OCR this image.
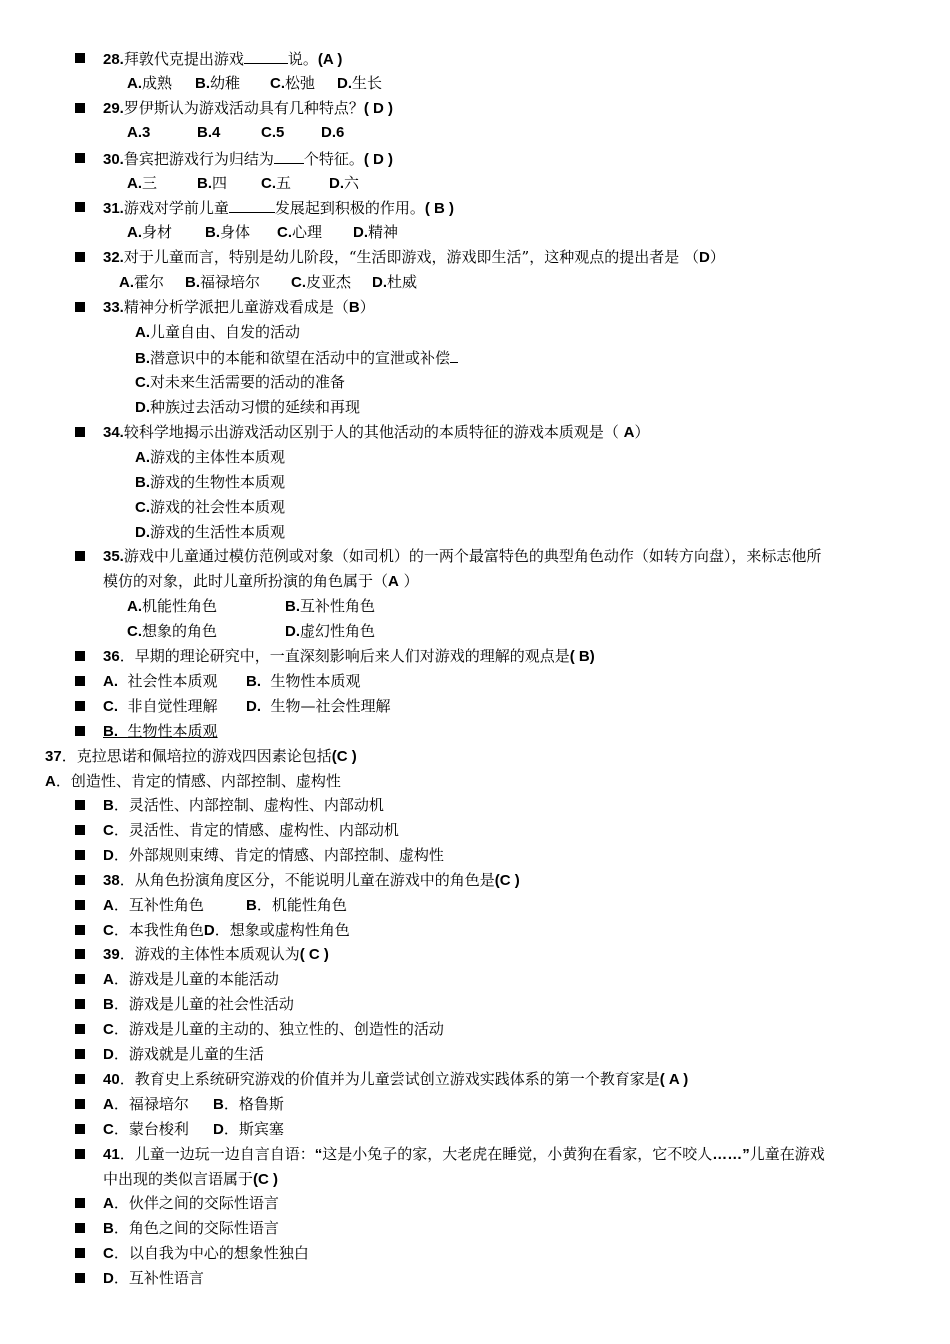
28.拜敦代克提出游戏	说。(A )
A.成熟 B.幼稚 C.松弛 D.生长
29.罗伊斯认为游戏活动具有几种特点？( D )
A.3	B.4	C.5 D.6
30.鲁宾把游戏行为归结为 个特征。( D )
A.三	B.四 C.五	D.六
31.游戏对学前儿童	发展起到积极的作用。( B )
A.身材 B.身体 C.心理 D.精神
32.对于儿童而言，特别是幼儿阶段，“生活即游戏，游戏即生活”，这种观点的提出者是 （D）
A.霍尔 B.福禄培尔 C.皮亚杰 D.杜威
33.精神分析学派把儿童游戏看成是（B）
A.儿童自由、自发的活动
B.潜意识中的本能和欲望在活动中的宣泄或补偿
C.对未来生活需要的活动的准备
D.种族过去活动习惯的延续和再现
34.较科学地揭示出游戏活动区别于人的其他活动的本质特征的游戏本质观是（ A）
A.游戏的主体性本质观
B.游戏的生物性本质观
C.游戏的社会性本质观
D.游戏的生活性本质观
35.游戏中儿童通过模仿范例或对象（如司机）的一两个最富特色的典型角色动作（如转方向盘），来标志他所
模仿的对象，此时儿童所扮演的角色属于（A ）
A.机能性角色	B.互补性角色
C.想象的角色	D.虚幻性角色
36．早期的理论研究中，一直深刻影响后来人们对游戏的理解的观点是( B)
A. 社会性本质观 B. 生物性本质观
C. 非自觉性理解 D. 生物—社会性理解
B. 生物性本质观
37．克拉思诺和佩培拉的游戏四因素论包括(C )
A．创造性、肯定的情感、内部控制、虚构性
B．灵活性、内部控制、虚构性、内部动机
C．灵活性、肯定的情感、虚构性、内部动机
D．外部规则束缚、肯定的情感、内部控制、虚构性
38．从角色扮演角度区分，不能说明儿童在游戏中的角色是(C )
A．互补性角色	B．机能性角色
C．本我性角色D．想象或虚构性角色
39．游戏的主体性本质观认为( C )
A．游戏是儿童的本能活动
B．游戏是儿童的社会性活动
C．游戏是儿童的主动的、独立性的、创造性的活动
D．游戏就是儿童的生活
40．教育史上系统研究游戏的价值并为儿童尝试创立游戏实践体系的第一个教育家是( A )
A．福禄培尔 B．格鲁斯
C．蒙台梭利 D．斯宾塞
41．儿童一边玩一边自言自语：“这是小兔子的家，大老虎在睡觉，小黄狗在看家，它不咬人……”儿童在游戏
中出现的类似言语属于(C )
A．伙伴之间的交际性语言
B．角色之间的交际性语言
C．以自我为中心的想象性独白
D．互补性语言
